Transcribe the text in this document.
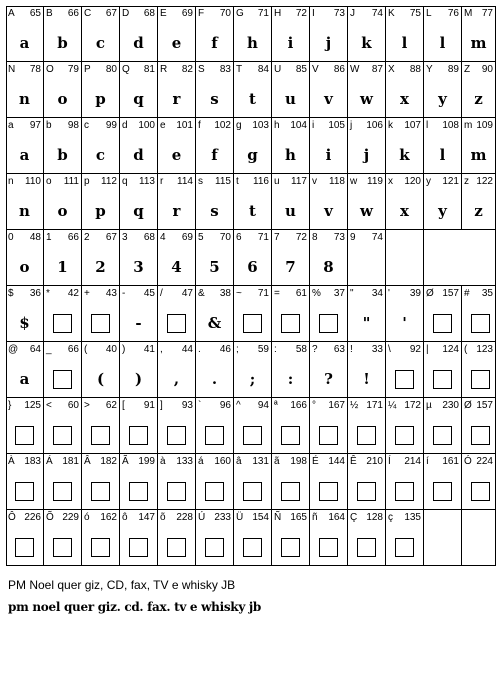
A 65
a
B 66
b
C 67
c
D 68
d
E 69
e
F 70
f
G 71
h
H 72
i
I 73
j
J 74
k
K 75
l
L 76
l
M 77
m
N 78
n
O 79
o
P 80
p
Q 81
q
R 82
r
S 83
s
T 84
t
U 85
u
V 86
v
W 87
w
X 88
x
Y 89
y
Z 90
z
a 97
a
b 98
b
c 99
c
d 100
d
e 101
e
f 102
f
g 103
g
h 104
h
i 105
i
j 106
j
k 107
k
l 108
l
m 109
m
n 110
n
o 111
o
p 112
p
q 113
q
r 114
r
s 115
s
t 116
t
u 117
u
v 118
v
w 119
w
x 120
x
y 121
y
z 122
z
0 48
o
1 66
1
2 67
2
3 68
3
4 69
4
5 70
5
6 71
6
7 72
7
8 73
8
9 74
$ 36
$
* 42 + 43 - 45
-
/ 47 & 38
&
~ 71 = 61 % 37 " 34
"
' 39
'
Ø 157 # 35
@ 64
a
_ 66 ( 40
(
) 41
)
, 44
,
. 46
.
; 59
;
: 58
:
? 63
?
! 33
!
\ 92 | 124 ( 123
} 125 < 60 > 62 [ 91 ] 93 ` 96 ^ 94 ª 166 ° 167 ½ 171 ¼ 172 µ 230 Ø 157
À 183 Á 181 Â 182 Ã 199 à 133 á 160 â 131 ã 198 É 144 Ê 210 Í 214 í 161 Ó 224
Ô 226 Õ 229 ó 162 ô 147 õ 228 Ú 233 Ü 154 Ñ 165 ñ 164 Ç 128 ç 135
PM Noel quer giz, CD, fax, TV e whisky JB
pm noel quer giz. cd. fax. tv e whisky jb
